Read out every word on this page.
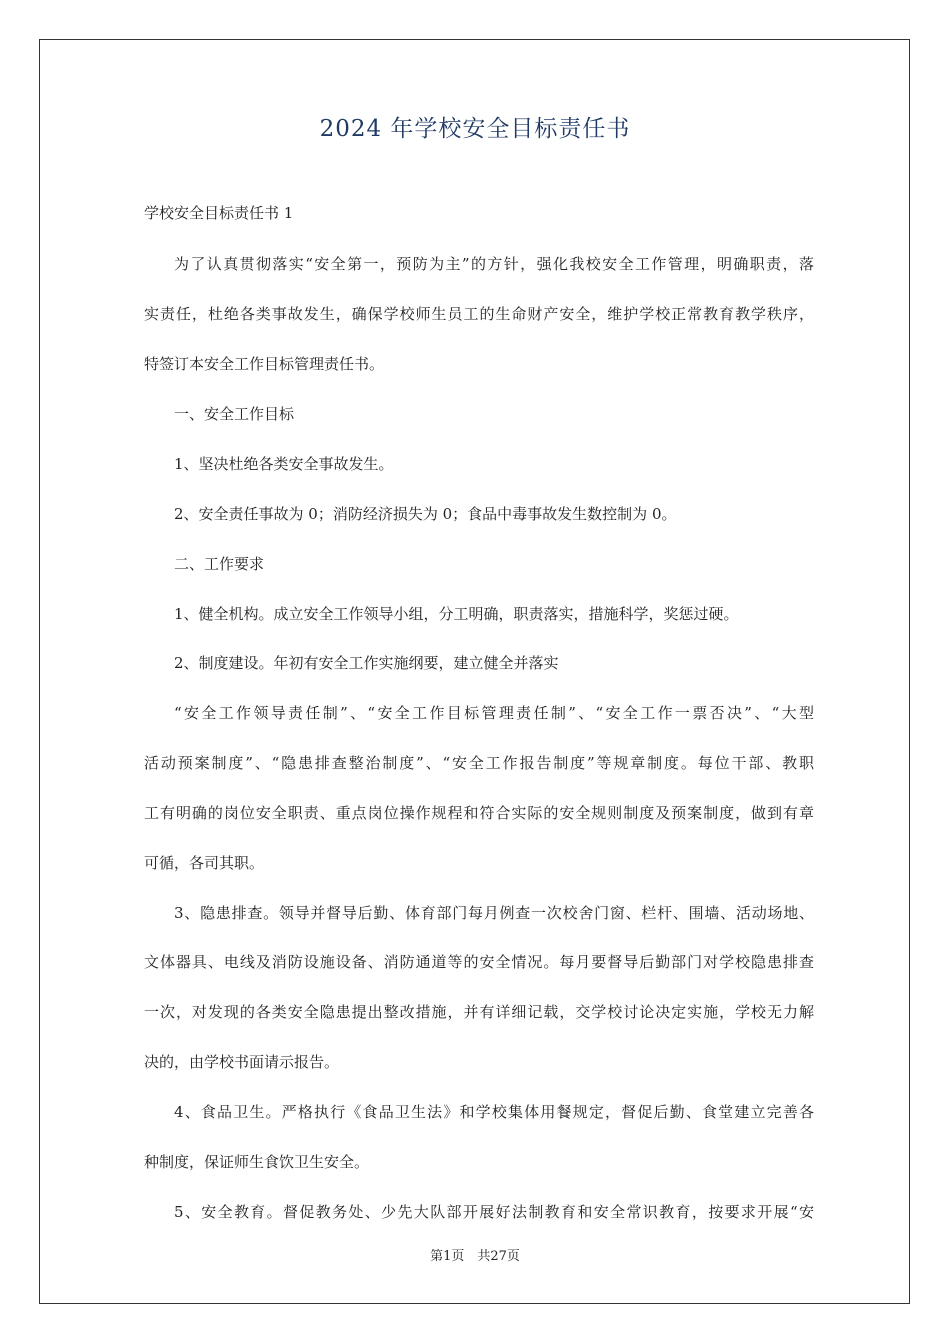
2024 年学校安全目标责任书
学校安全目标责任书 1
为了认真贯彻落实“安全第一，预防为主”的方针，强化我校安全工作管理，明确职责，落
实责任，杜绝各类事故发生，确保学校师生员工的生命财产安全，维护学校正常教育教学秩序，
特签订本安全工作目标管理责任书。
一、安全工作目标
1、坚决杜绝各类安全事故发生。
2、安全责任事故为 0；消防经济损失为 0；食品中毒事故发生数控制为 0。
二、工作要求
1、健全机构。成立安全工作领导小组，分工明确，职责落实，措施科学，奖惩过硬。
2、制度建设。年初有安全工作实施纲要，建立健全并落实
“安全工作领导责任制”、“安全工作目标管理责任制”、“安全工作一票否决”、“大型
活动预案制度”、“隐患排查整治制度”、“安全工作报告制度”等规章制度。每位干部、教职
工有明确的岗位安全职责、重点岗位操作规程和符合实际的安全规则制度及预案制度，做到有章
可循，各司其职。
3、隐患排查。领导并督导后勤、体育部门每月例查一次校舍门窗、栏杆、围墙、活动场地、
文体器具、电线及消防设施设备、消防通道等的安全情况。每月要督导后勤部门对学校隐患排查
一次，对发现的各类安全隐患提出整改措施，并有详细记载，交学校讨论决定实施，学校无力解
决的，由学校书面请示报告。
4、食品卫生。严格执行《食品卫生法》和学校集体用餐规定，督促后勤、食堂建立完善各
种制度，保证师生食饮卫生安全。
5、安全教育。督促教务处、少先大队部开展好法制教育和安全常识教育，按要求开展“安
第1页　共27页
